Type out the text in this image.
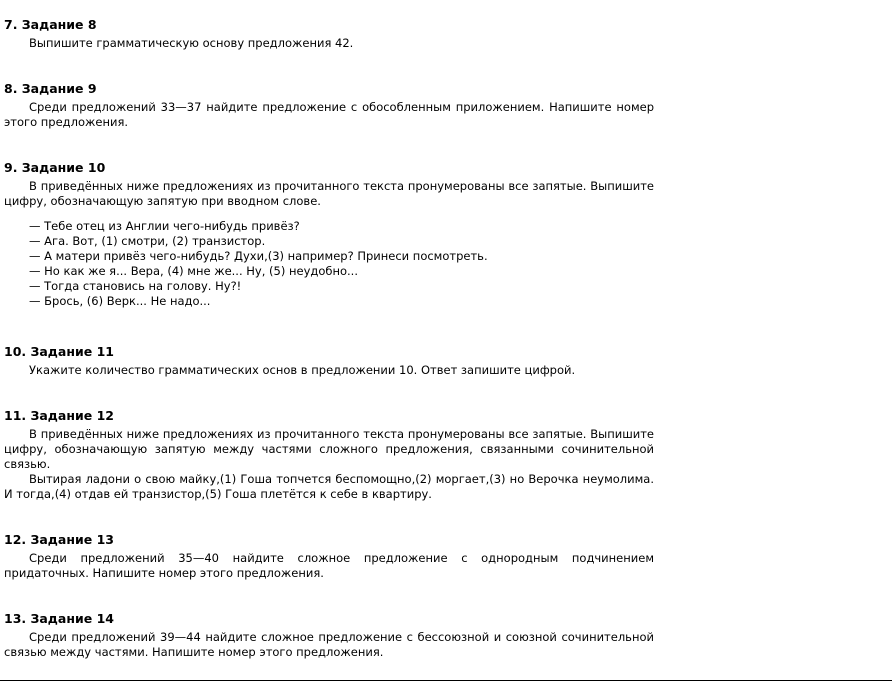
7. Задание 8

Выпишите грамматическую основу предложения 42.

8. Задание 9

Среди предложений 33—37 найдите предложение с обособленным приложением. Напишите номер этого предложения.

9. Задание 10

В приведённых ниже предложениях из прочитанного текста пронумерованы все запятые. Выпишите цифру, обозначающую запятую при вводном слове.

— Тебе отец из Англии чего-нибудь привёз?
— Ага. Вот, (1) смотри, (2) транзистор.
— А матери привёз чего-нибудь? Духи,(3) например? Принеси посмотреть.
— Но как же я... Вера, (4) мне же... Ну, (5) неудобно...
— Тогда становись на голову. Ну?!
— Брось, (6) Верк... Не надо...
10. Задание 11

Укажите количество грамматических основ в предложении 10. Ответ запишите цифрой.

11. Задание 12

В приведённых ниже предложениях из прочитанного текста пронумерованы все запятые. Выпишите цифру, обозначающую запятую между частями сложного предложения, связанными сочинительной связью.

Вытирая ладони о свою майку,(1) Гоша топчется беспомощно,(2) моргает,(3) но Верочка неумолима. И тогда,(4) отдав ей транзистор,(5) Гоша плетётся к себе в квартиру.

12. Задание 13

Среди предложений 35—40 найдите сложное предложение с однородным подчинением придаточных. Напишите номер этого предложения.

13. Задание 14

Среди предложений 39—44 найдите сложное предложение с бессоюзной и союзной сочинительной связью между частями. Напишите номер этого предложения.
